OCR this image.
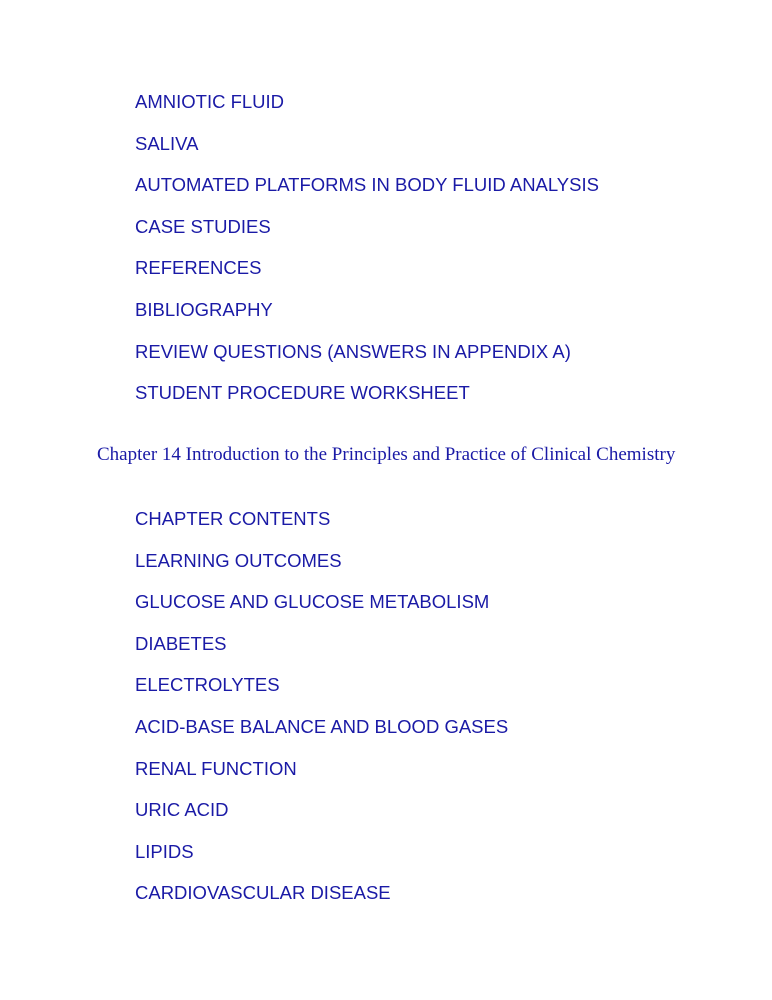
AMNIOTIC FLUID
SALIVA
AUTOMATED PLATFORMS IN BODY FLUID ANALYSIS
CASE STUDIES
REFERENCES
BIBLIOGRAPHY
REVIEW QUESTIONS (ANSWERS IN APPENDIX A)
STUDENT PROCEDURE WORKSHEET
Chapter 14 Introduction to the Principles and Practice of Clinical Chemistry
CHAPTER CONTENTS
LEARNING OUTCOMES
GLUCOSE AND GLUCOSE METABOLISM
DIABETES
ELECTROLYTES
ACID-BASE BALANCE AND BLOOD GASES
RENAL FUNCTION
URIC ACID
LIPIDS
CARDIOVASCULAR DISEASE
